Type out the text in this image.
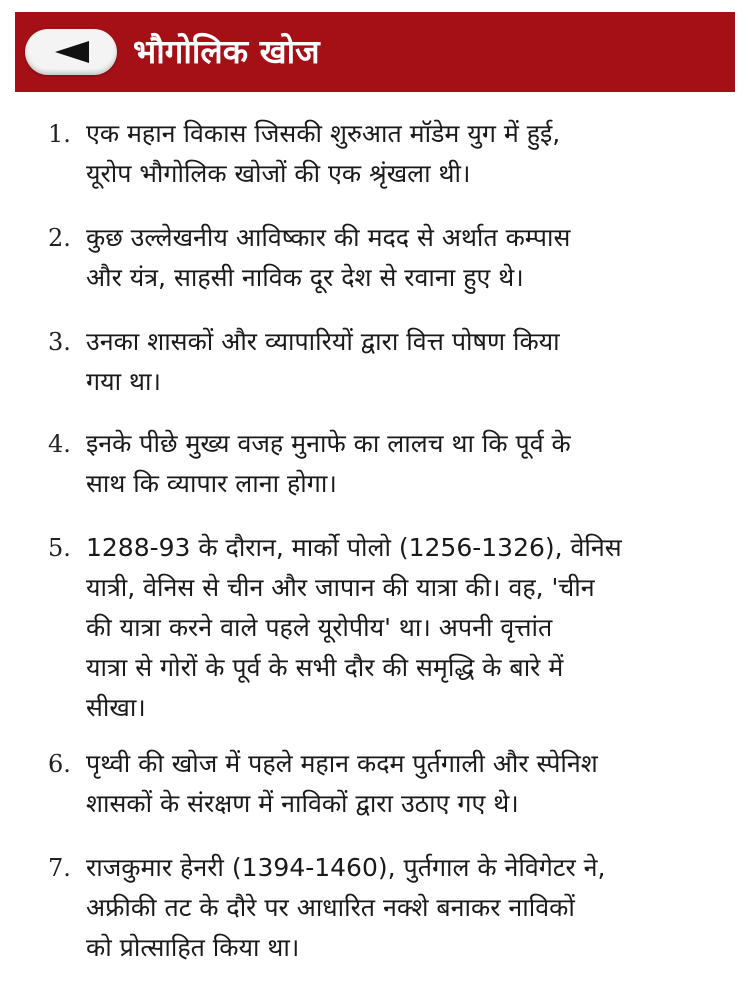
भौगोलिक खोज
1. एक महान विकास जिसकी शुरुआत मॉडेम युग में हुई,
यूरोप भौगोलिक खोजों की एक श्रृंखला थी।
2. कुछ उल्लेखनीय आविष्कार की मदद से अर्थात कम्पास
और यंत्र, साहसी नाविक दूर देश से रवाना हुए थे।
3. उनका शासकों और व्यापारियों द्वारा वित्त पोषण किया
गया था।
4. इनके पीछे मुख्य वजह मुनाफे का लालच था कि पूर्व के
साथ कि व्यापार लाना होगा।
5. 1288-93 के दौरान, मार्को पोलो (1256-1326), वेनिस
यात्री, वेनिस से चीन और जापान की यात्रा की। वह, 'चीन
की यात्रा करने वाले पहले यूरोपीय' था। अपनी वृत्तांत
यात्रा से गोरों के पूर्व के सभी दौर की समृद्धि के बारे में
सीखा।
6. पृथ्वी की खोज में पहले महान कदम पुर्तगाली और स्पेनिश
शासकों के संरक्षण में नाविकों द्वारा उठाए गए थे।
7. राजकुमार हेनरी (1394-1460), पुर्तगाल के नेविगेटर ने,
अफ्रीकी तट के दौरे पर आधारित नक्शे बनाकर नाविकों
को प्रोत्साहित किया था।
